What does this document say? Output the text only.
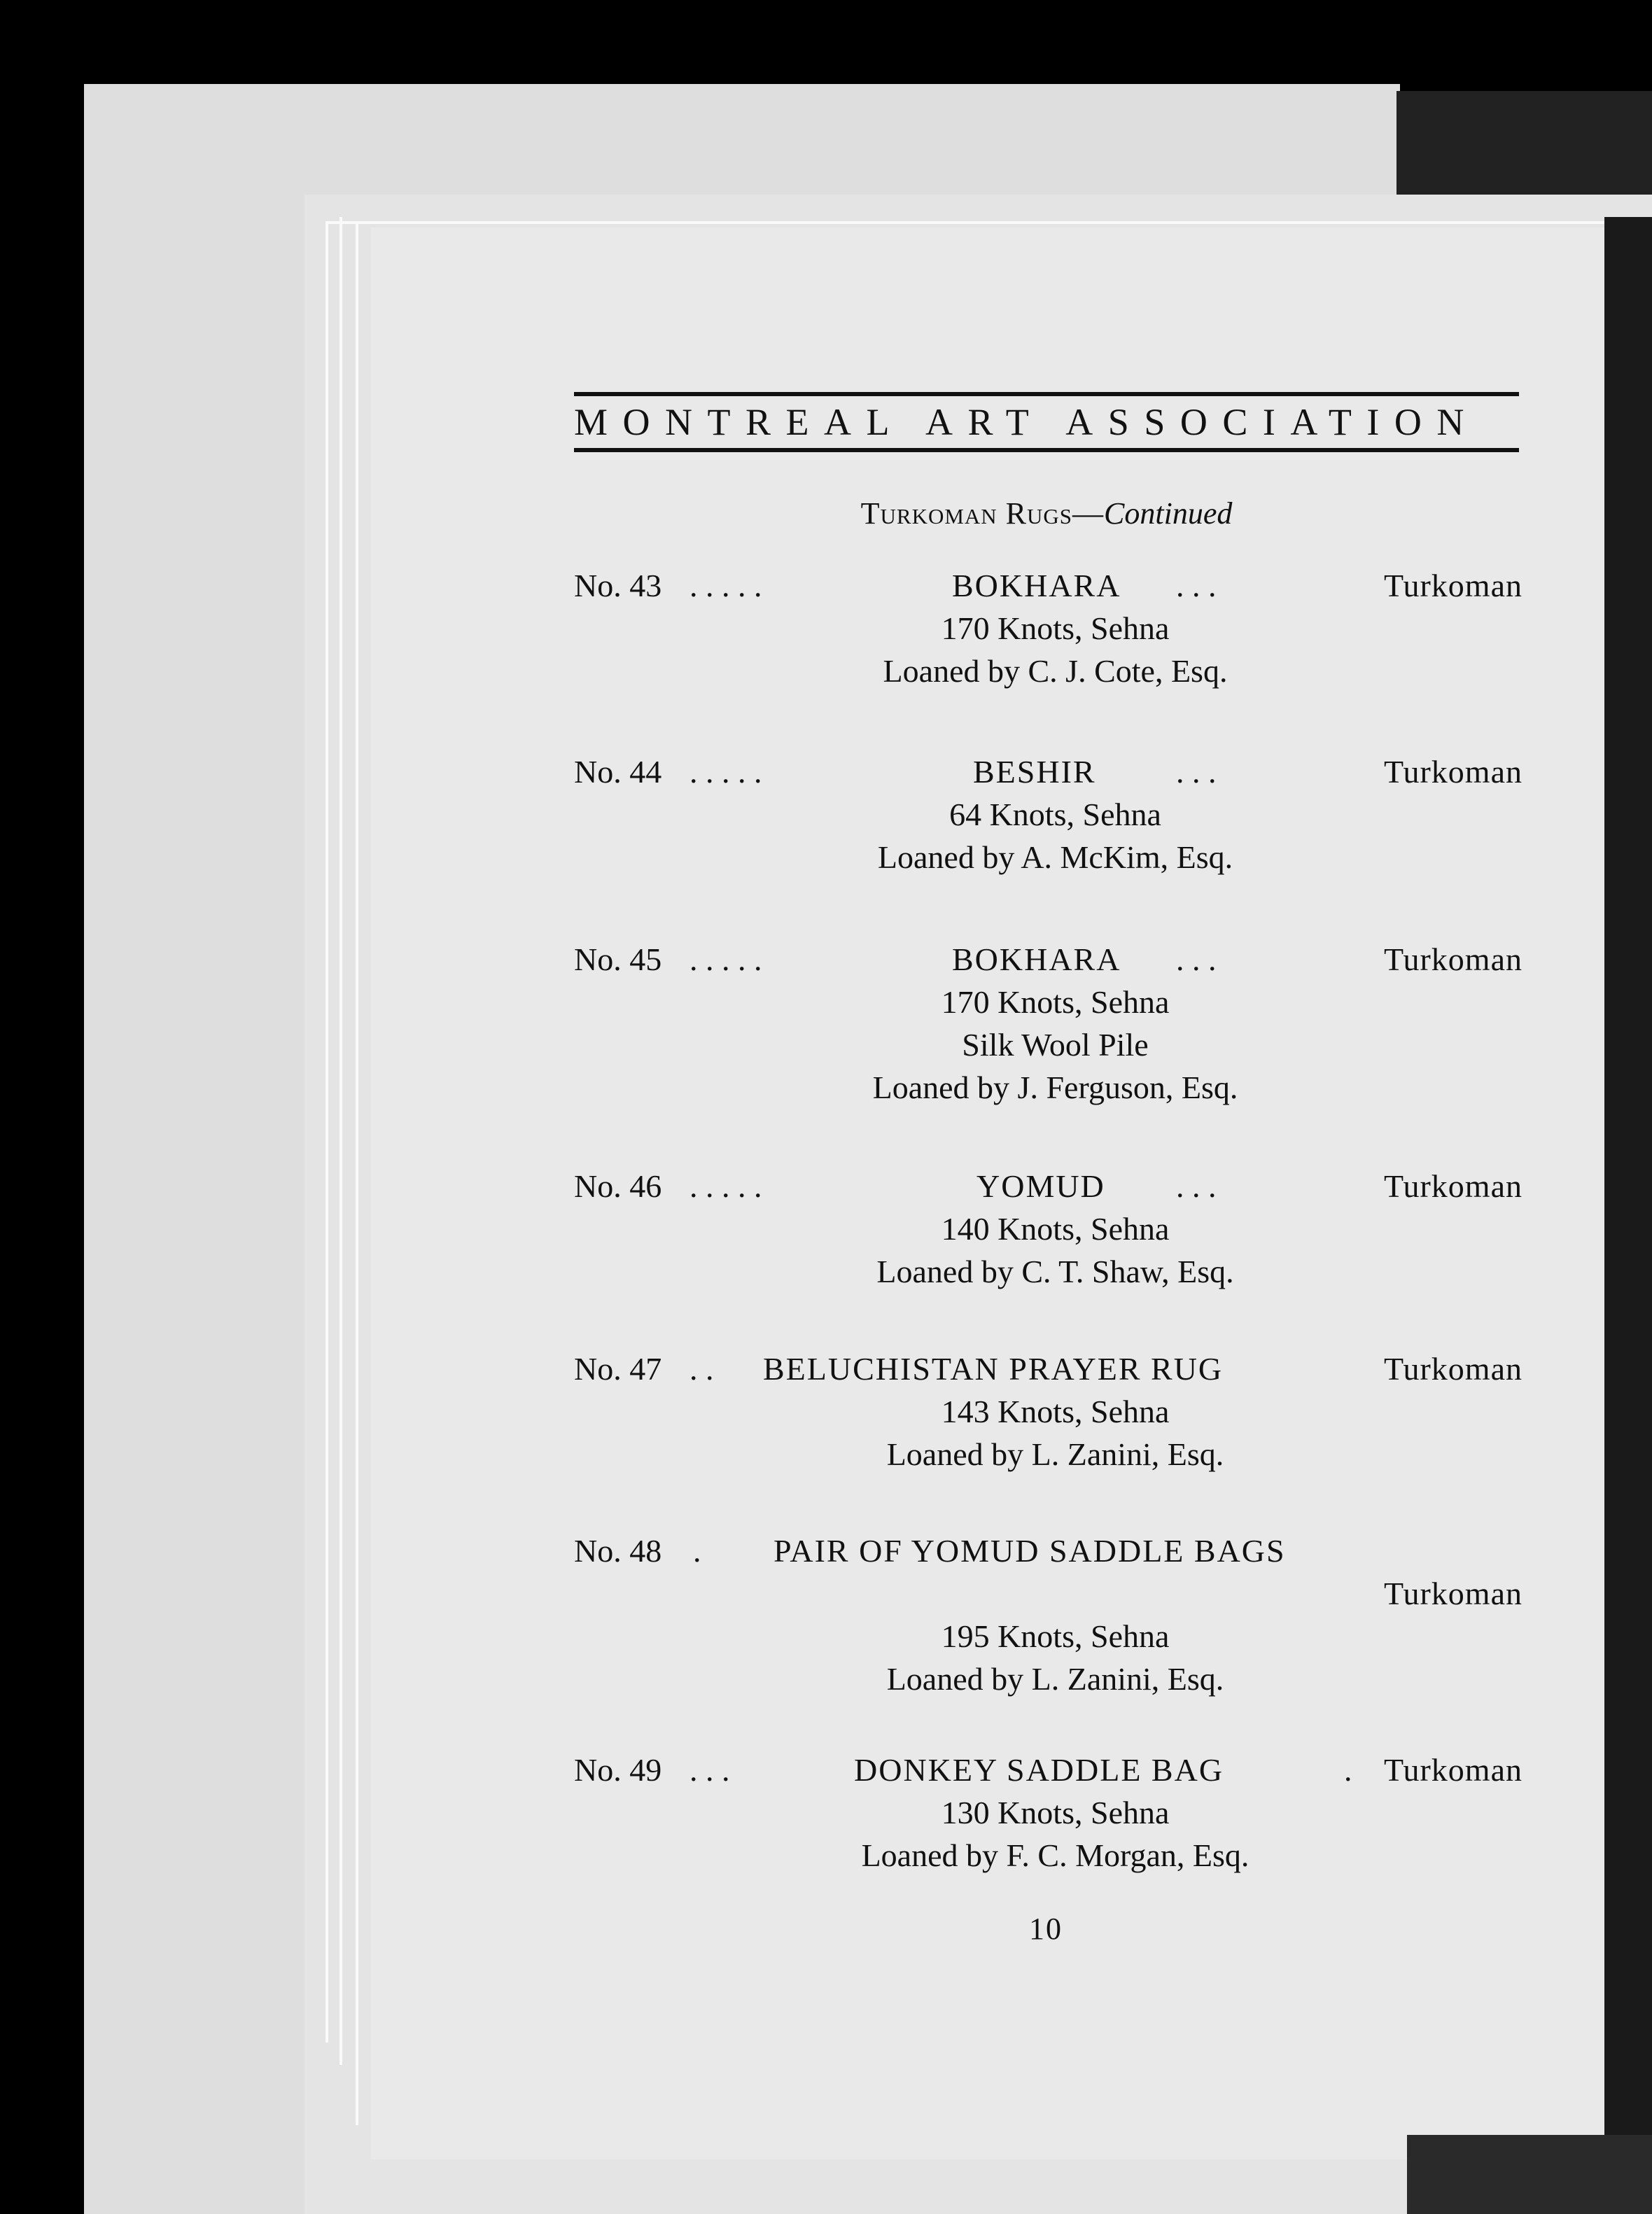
MONTREAL ART ASSOCIATION
Turkoman Rugs—Continued
No. 43 . . . . .	BOKHARA . . .	Turkoman
170 Knots, Sehna
Loaned by C. J. Cote, Esq.
No. 44 . . . . .	BESHIR . . .	Turkoman
64 Knots, Sehna
Loaned by A. McKim, Esq.
No. 45 . . . . .	BOKHARA . . .	Turkoman
170 Knots, Sehna
Silk Wool Pile
Loaned by J. Ferguson, Esq.
No. 46 . . . . .	YOMUD . . .	Turkoman
140 Knots, Sehna
Loaned by C. T. Shaw, Esq.
No. 47 . . BELUCHISTAN PRAYER RUG	Turkoman
143 Knots, Sehna
Loaned by L. Zanini, Esq.
No. 48 . PAIR OF YOMUD SADDLE BAGS
Turkoman
195 Knots, Sehna
Loaned by L. Zanini, Esq.
No. 49 . . .	DONKEY SADDLE BAG	. Turkoman
130 Knots, Sehna
Loaned by F. C. Morgan, Esq.
10
